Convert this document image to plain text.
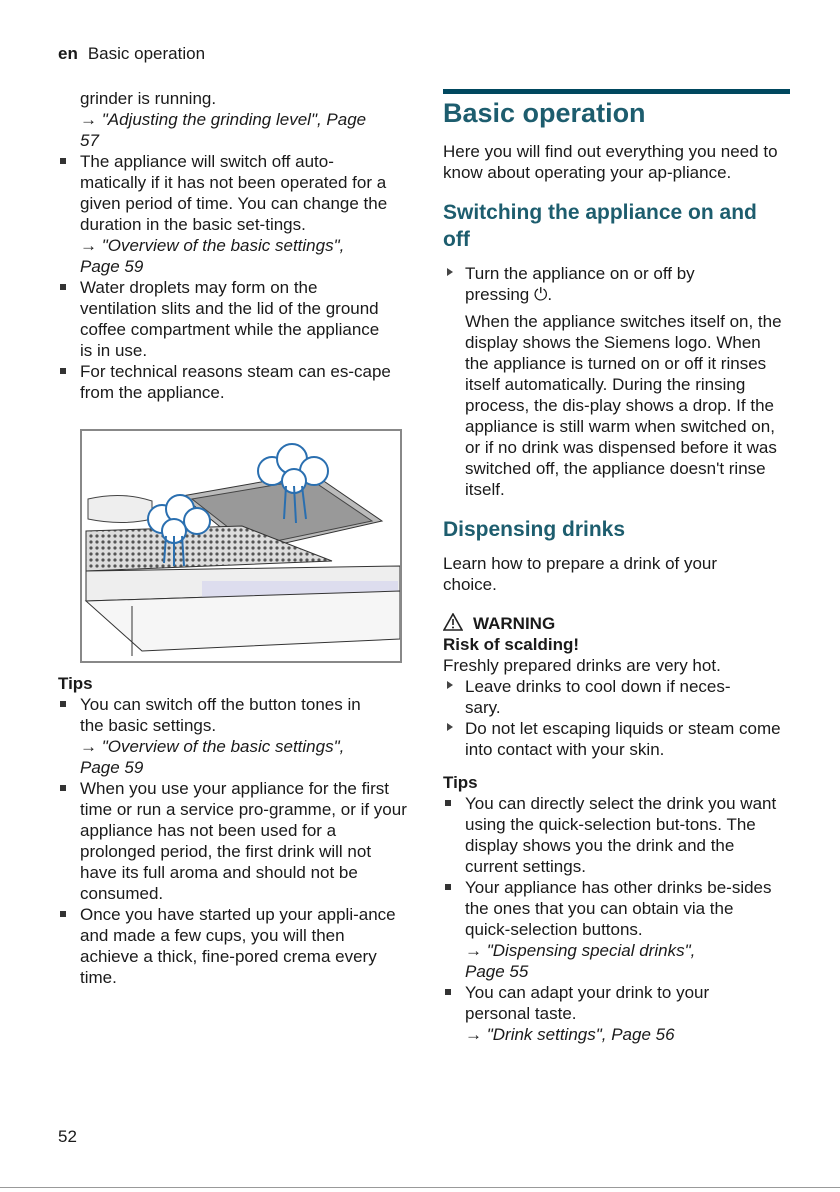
en Basic operation

grinder is running.

→ "Adjusting the grinding level", Page 57

The appliance will switch off auto-matically if it has not been operated for a given period of time. You can change the duration in the basic set-tings.
→ "Overview of the basic settings", Page 59
Water droplets may form on the ventilation slits and the lid of the ground coffee compartment while the appliance is in use.
For technical reasons steam can es-cape from the appliance.

Tips

You can switch off the button tones in the basic settings.
→ "Overview of the basic settings", Page 59
When you use your appliance for the first time or run a service pro-gramme, or if your appliance has not been used for a prolonged period, the first drink will not have its full aroma and should not be consumed.
Once you have started up your appli-ance and made a few cups, you will then achieve a thick, fine-pored crema every time.

Basic operation

Here you will find out everything you need to know about operating your ap-pliance.

Switching the appliance on and off

Turn the appliance on or off by pressing ⏻.

When the appliance switches itself on, the display shows the Siemens logo. When the appliance is turned on or off it rinses itself automatically. During the rinsing process, the dis-play shows a drop. If the appliance is still warm when switched on, or if no drink was dispensed before it was switched off, the appliance doesn't rinse itself.

Dispensing drinks

Learn how to prepare a drink of your choice.

WARNING

Risk of scalding!

Freshly prepared drinks are very hot.

Leave drinks to cool down if neces-sary.
Do not let escaping liquids or steam come into contact with your skin.

Tips

You can directly select the drink you want using the quick-selection but-tons. The display shows you the drink and the current settings.
Your appliance has other drinks be-sides the ones that you can obtain via the quick-selection buttons.
→ "Dispensing special drinks", Page 55
You can adapt your drink to your personal taste.
→ "Drink settings", Page 56
52
